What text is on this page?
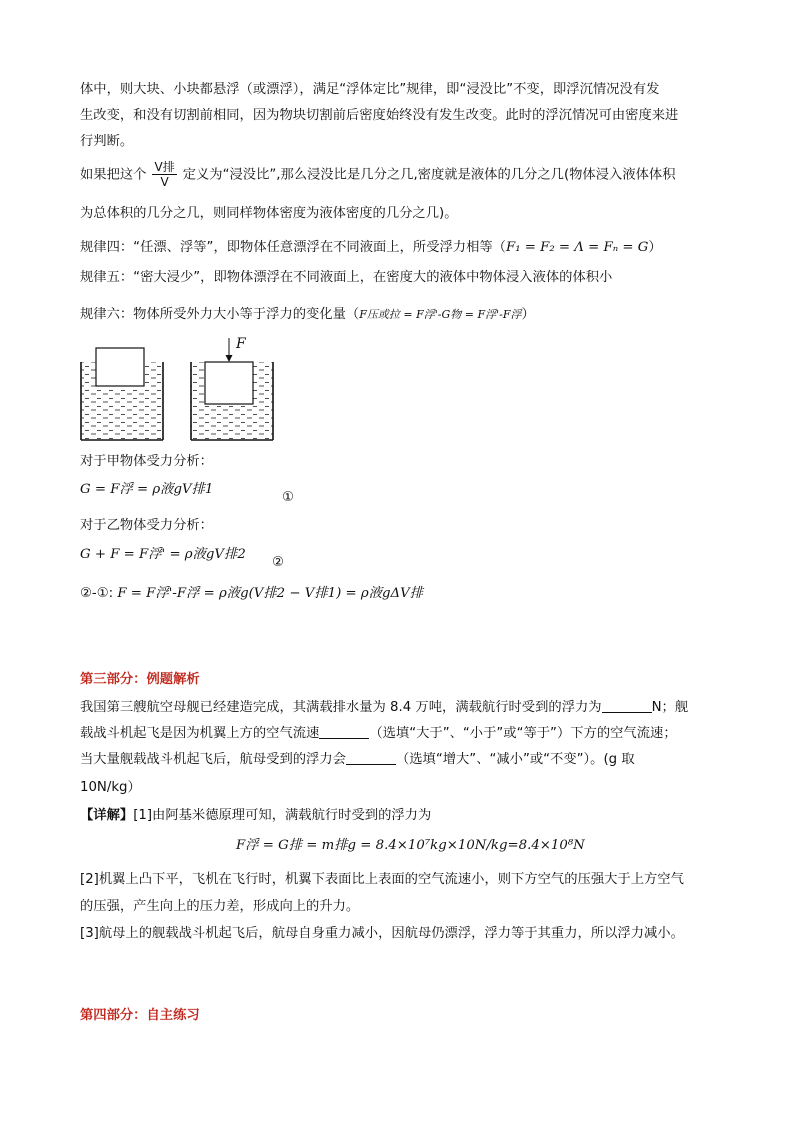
体中，则大块、小块都悬浮（或漂浮），满足“浮体定比”规律，即“浸没比”不变，即浮沉情况没有发
生改变，和没有切割前相同，因为物块切割前后密度始终没有发生改变。此时的浮沉情况可由密度来进
行判断。
如果把这个 $\frac{\text{V排}}{V}$ 定义为“浸没比”,那么浸没比是几分之几,密度就是液体的几分之几(物体浸入液体体积
为总体积的几分之几，则同样物体密度为液体密度的几分之几)。
规律四：“任漂、浮等”，即物体任意漂浮在不同液面上，所受浮力相等（F₁ = F₂ = Λ = Fₙ = G）
规律五：“密大浸少”，即物体漂浮在不同液面上，在密度大的液体中物体浸入液体的体积小
规律六：物体所受外力大小等于浮力的变化量（F压或拉 = F浮'-G物 = F浮'-F浮）
F
对于甲物体受力分析：
G = F浮 = ρ液gV排1
①
对于乙物体受力分析：
G + F = F浮' = ρ液gV排2
②
②-①: F = F浮'-F浮 = ρ液g(V排2 − V排1) = ρ液gΔV排
第三部分：例题解析
我国第三艘航空母舰已经建造完成，其满载排水量为 8.4 万吨，满载航行时受到的浮力为	N；舰
载战斗机起飞是因为机翼上方的空气流速	（选填“大于”、“小于”或“等于”）下方的空气流速；
当大量舰载战斗机起飞后，航母受到的浮力会	（选填“增大”、“减小”或“不变”）。(g 取
10N/kg）
【详解】[1]由阿基米德原理可知，满载航行时受到的浮力为
F浮 = G排 = m排g = 8.4×10⁷kg×10N/kg=8.4×10⁸N
[2]机翼上凸下平，飞机在飞行时，机翼下表面比上表面的空气流速小，则下方空气的压强大于上方空气
的压强，产生向上的压力差，形成向上的升力。
[3]航母上的舰载战斗机起飞后，航母自身重力减小，因航母仍漂浮，浮力等于其重力，所以浮力减小。
第四部分：自主练习
